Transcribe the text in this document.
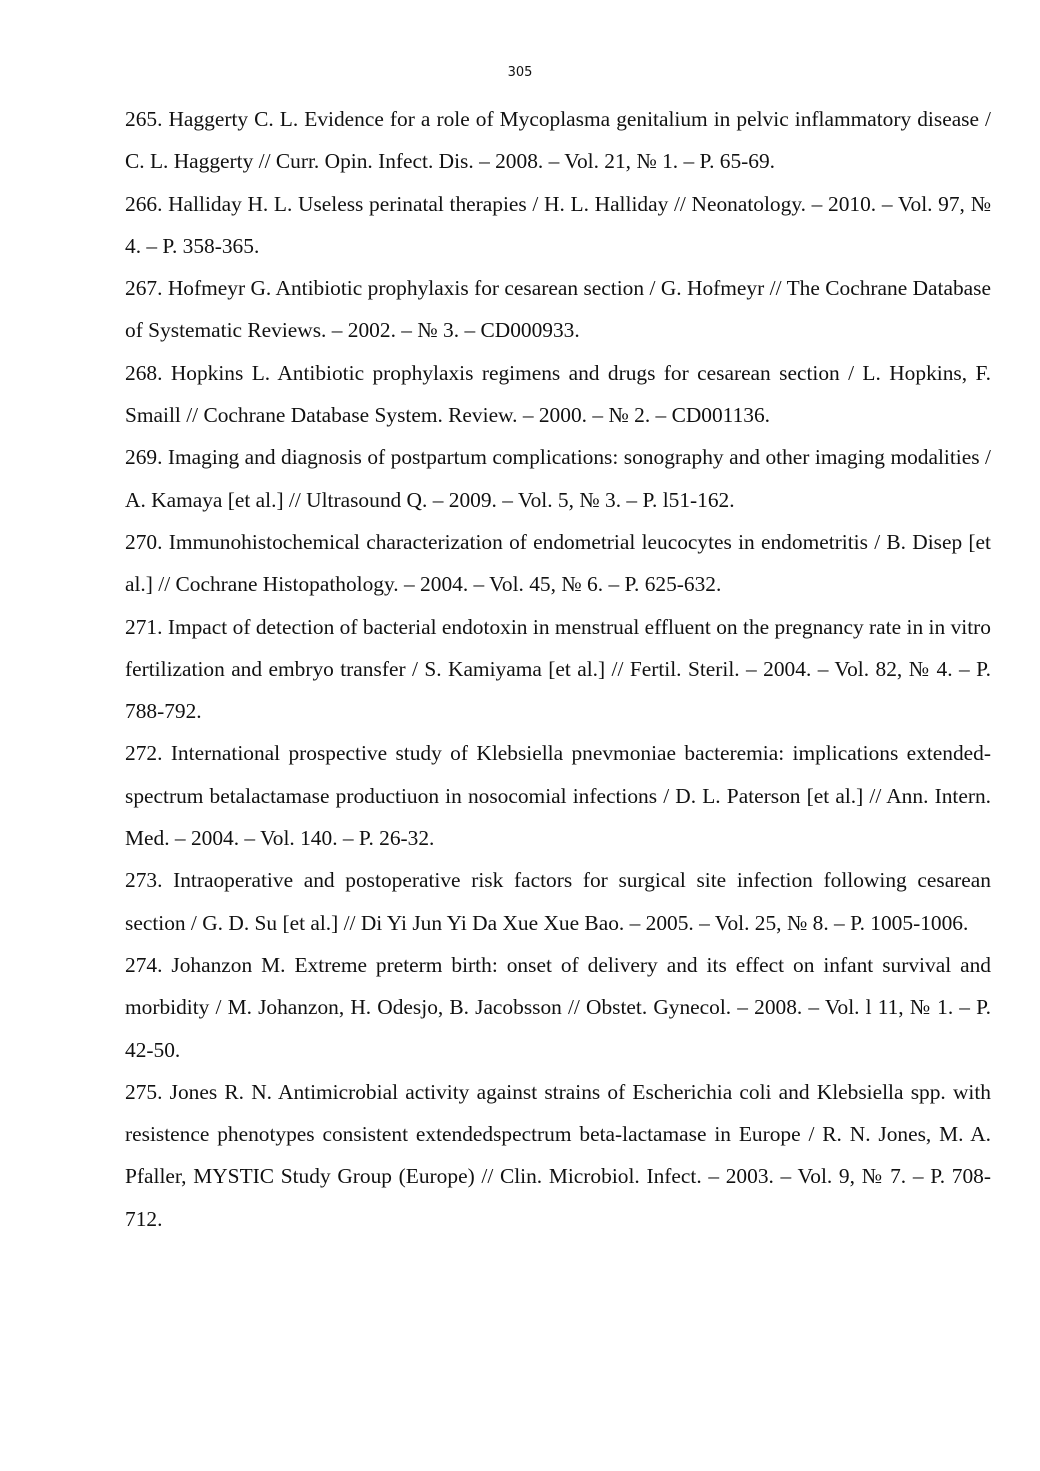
305

265. Haggerty C. L. Evidence for a role of Mycoplasma genitalium in pelvic inflammatory disease / C. L. Haggerty // Curr. Opin. Infect. Dis. – 2008. – Vol. 21, № 1. – P. 65-69.

266. Halliday H. L. Useless perinatal therapies / H. L. Halliday // Neonatology. – 2010. – Vol. 97, № 4. – P. 358-365.

267. Hofmeyr G. Antibiotic prophylaxis for cesarean section / G. Hofmeyr // The Cochrane Database of Systematic Reviews. – 2002. – № 3. – CD000933.

268. Hopkins L. Antibiotic prophylaxis regimens and drugs for cesarean section / L. Hopkins, F. Smaill // Cochrane Database System. Review. – 2000. – № 2. – CD001136.

269. Imaging and diagnosis of postpartum complications: sonography and other imaging modalities / A. Kamaya [et al.] // Ultrasound Q. – 2009. – Vol. 5, № 3. – P. l51-162.

270. Immunohistochemical characterization of endometrial leucocytes in endometritis / B. Disep [et al.] // Cochrane Histopathology. – 2004. – Vol. 45, № 6. – P. 625-632.

271. Impact of detection of bacterial endotoxin in menstrual effluent on the pregnancy rate in in vitro fertilization and embryo transfer / S. Kamiyama [et al.] // Fertil. Steril. – 2004. – Vol. 82, № 4. – P. 788-792.

272. International prospective study of Klebsiella pnevmoniae bacteremia: implications extended-spectrum betalactamase productiuon in nosocomial infections / D. L. Paterson [et al.] // Ann. Intern. Med. – 2004. – Vol. 140. – P. 26-32.

273. Intraoperative and postoperative risk factors for surgical site infection following cesarean section / G. D. Su [et al.] // Di Yi Jun Yi Da Xue Xue Bao. – 2005. – Vol. 25, № 8. – P. 1005-1006.

274. Johanzon M. Extreme preterm birth: onset of delivery and its effect on infant survival and morbidity / M. Johanzon, H. Odesjo, B. Jacobsson // Obstet. Gynecol. – 2008. – Vol. l 11, № 1. – P. 42-50.

275. Jones R. N. Antimicrobial activity against strains of Escherichia coli and Klebsiella spp. with resistence phenotypes consistent extendedspectrum beta-lactamase in Europe / R. N. Jones, M. A. Pfaller, MYSTIC Study Group (Europe) // Clin. Microbiol. Infect. – 2003. – Vol. 9, № 7. – P. 708-712.
